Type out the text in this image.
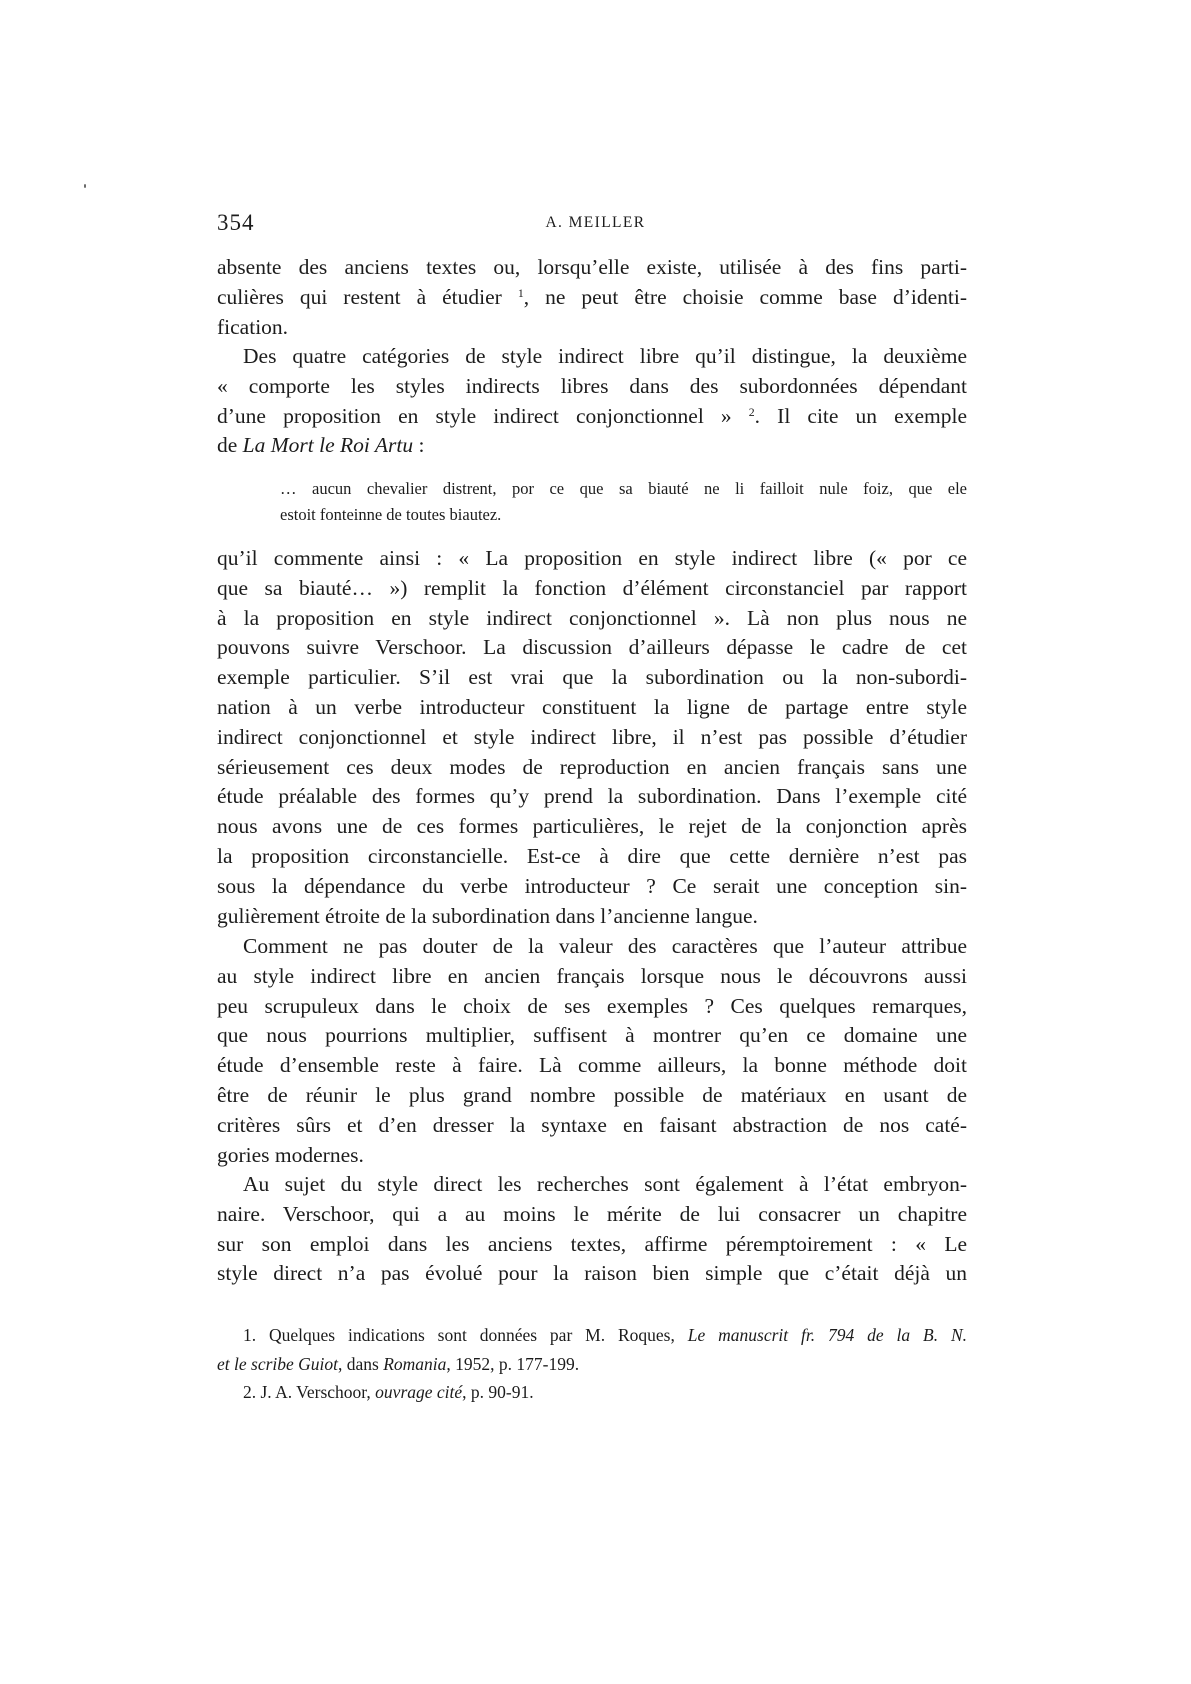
354	A. MEILLER
absente des anciens textes ou, lorsqu’elle existe, utilisée à des fins parti-
culières qui restent à étudier $^1$, ne peut être choisie comme base d’identi-
fication.
Des quatre catégories de style indirect libre qu’il distingue, la deuxième
« comporte les styles indirects libres dans des subordonnées dépendant
d’une proposition en style indirect conjonctionnel » $^2$. Il cite un exemple
de La Mort le Roi Artu :
… aucun chevalier distrent, por ce que sa biauté ne li failloit nule foiz, que ele
estoit fonteinne de toutes biautez.
qu’il commente ainsi : « La proposition en style indirect libre (« por ce
que sa biauté… ») remplit la fonction d’élément circonstanciel par rapport
à la proposition en style indirect conjonctionnel ». Là non plus nous ne
pouvons suivre Verschoor. La discussion d’ailleurs dépasse le cadre de cet
exemple particulier. S’il est vrai que la subordination ou la non-subordi-
nation à un verbe introducteur constituent la ligne de partage entre style
indirect conjonctionnel et style indirect libre, il n’est pas possible d’étudier
sérieusement ces deux modes de reproduction en ancien français sans une
étude préalable des formes qu’y prend la subordination. Dans l’exemple cité
nous avons une de ces formes particulières, le rejet de la conjonction après
la proposition circonstancielle. Est-ce à dire que cette dernière n’est pas
sous la dépendance du verbe introducteur ? Ce serait une conception sin-
gulièrement étroite de la subordination dans l’ancienne langue.
Comment ne pas douter de la valeur des caractères que l’auteur attribue
au style indirect libre en ancien français lorsque nous le découvrons aussi
peu scrupuleux dans le choix de ses exemples ? Ces quelques remarques,
que nous pourrions multiplier, suffisent à montrer qu’en ce domaine une
étude d’ensemble reste à faire. Là comme ailleurs, la bonne méthode doit
être de réunir le plus grand nombre possible de matériaux en usant de
critères sûrs et d’en dresser la syntaxe en faisant abstraction de nos caté-
gories modernes.
Au sujet du style direct les recherches sont également à l’état embryon-
naire. Verschoor, qui a au moins le mérite de lui consacrer un chapitre
sur son emploi dans les anciens textes, affirme péremptoirement : « Le
style direct n’a pas évolué pour la raison bien simple que c’était déjà un
1. Quelques indications sont données par M. Roques, Le manuscrit fr. 794 de la B. N.
et le scribe Guiot, dans Romania, 1952, p. 177-199.
2. J. A. Verschoor, ouvrage cité, p. 90-91.
